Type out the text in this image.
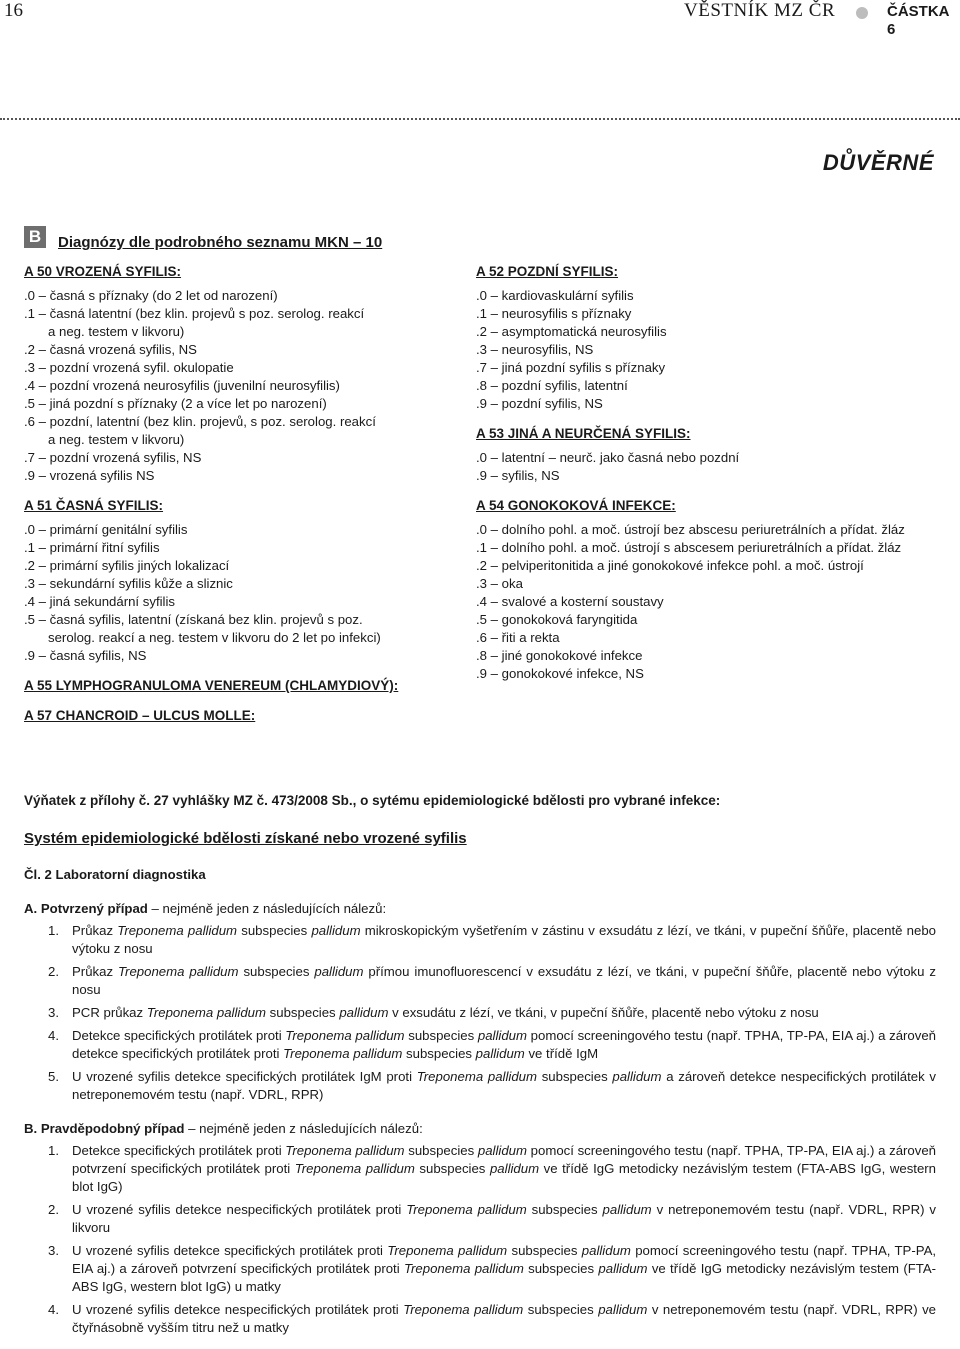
16	VĚSTNÍK MZ ČR	ČÁSTKA 6
DŮVĚRNÉ
B	Diagnózy dle podrobného seznamu MKN – 10

A 50 VROZENÁ SYFILIS:

.0 – časná s příznaky (do 2 let od narození)
.1 – časná latentní (bez klin. projevů s poz. serolog. reakcí
a neg. testem v likvoru)
.2 – časná vrozená syfilis, NS
.3 – pozdní vrozená syfil. okulopatie
.4 – pozdní vrozená neurosyfilis (juvenilní neurosyfilis)
.5 – jiná pozdní s příznaky (2 a více let po narození)
.6 – pozdní, latentní (bez klin. projevů, s poz. serolog. reakcí
a neg. testem v likvoru)
.7 – pozdní vrozená syfilis, NS
.9 – vrozená syfilis NS

A 51 ČASNÁ SYFILIS:

.0 – primární genitální syfilis
.1 – primární řitní syfilis
.2 – primární syfilis jiných lokalizací
.3 – sekundární syfilis kůže a sliznic
.4 – jiná sekundární syfilis
.5 – časná syfilis, latentní (získaná bez klin. projevů s poz.
serolog. reakcí a neg. testem v likvoru do 2 let po infekci)
.9 – časná syfilis, NS

A 55 LYMPHOGRANULOMA VENEREUM (CHLAMYDIOVÝ):

A 57 CHANCROID – ULCUS MOLLE:

A 52 POZDNÍ SYFILIS:

.0 – kardiovaskulární syfilis
.1 – neurosyfilis s příznaky
.2 – asymptomatická neurosyfilis
.3 – neurosyfilis, NS
.7 – jiná pozdní syfilis s příznaky
.8 – pozdní syfilis, latentní
.9 – pozdní syfilis, NS

A 53 JINÁ A NEURČENÁ SYFILIS:

.0 – latentní – neurč. jako časná nebo pozdní
.9 – syfilis, NS

A 54 GONOKOKOVÁ INFEKCE:

.0 – dolního pohl. a moč. ústrojí bez abscesu periuretrálních a přídat. žláz
.1 – dolního pohl. a moč. ústrojí s abscesem periuretrálních a přídat. žláz
.2 – pelviperitonitida a jiné gonokokové infekce pohl. a moč. ústrojí
.3 – oka
.4 – svalové a kosterní soustavy
.5 – gonokoková faryngitida
.6 – řiti a rekta
.8 – jiné gonokokové infekce
.9 – gonokokové infekce, NS
Výňatek z přílohy č. 27 vyhlášky MZ č. 473/2008 Sb., o sytému epidemiologické bdělosti pro vybrané infekce:
Systém epidemiologické bdělosti získané nebo vrozené syfilis
Čl. 2 Laboratorní diagnostika
A. Potvrzený případ – nejméně jeden z následujících nálezů:
1. Průkaz Treponema pallidum subspecies pallidum mikroskopickým vyšetřením v zástinu v exsudátu z lézí, ve tkáni, v pupeční šňůře, placentě nebo výtoku z nosu
2. Průkaz Treponema pallidum subspecies pallidum přímou imunofluorescencí v exsudátu z lézí, ve tkáni, v pupeční šňůře, placentě nebo výtoku z nosu
3. PCR průkaz Treponema pallidum subspecies pallidum v exsudátu z lézí, ve tkáni, v pupeční šňůře, placentě nebo výtoku z nosu
4. Detekce specifických protilátek proti Treponema pallidum subspecies pallidum pomocí screeningového testu (např. TPHA, TP-PA, EIA aj.) a zároveň detekce specifických protilátek proti Treponema pallidum subspecies pallidum ve třídě IgM
5. U vrozené syfilis detekce specifických protilátek IgM proti Treponema pallidum subspecies pallidum a zároveň detekce nespecifických protilátek v netreponemovém testu (např. VDRL, RPR)
B. Pravděpodobný případ – nejméně jeden z následujících nálezů:
1. Detekce specifických protilátek proti Treponema pallidum subspecies pallidum pomocí screeningového testu (např. TPHA, TP-PA, EIA aj.) a zároveň potvrzení specifických protilátek proti Treponema pallidum subspecies pallidum ve třídě IgG metodicky nezávislým testem (FTA-ABS IgG, western blot IgG)
2. U vrozené syfilis detekce nespecifických protilátek proti Treponema pallidum subspecies pallidum v netreponemovém testu (např. VDRL, RPR) v likvoru
3. U vrozené syfilis detekce specifických protilátek proti Treponema pallidum subspecies pallidum pomocí screeningového testu (např. TPHA, TP-PA, EIA aj.) a zároveň potvrzení specifických protilátek proti Treponema pallidum subspecies pallidum ve třídě IgG metodicky nezávislým testem (FTA-ABS IgG, western blot IgG) u matky
4. U vrozené syfilis detekce nespecifických protilátek proti Treponema pallidum subspecies pallidum v netreponemovém testu (např. VDRL, RPR) ve čtyřnásobně vyšším titru než u matky
